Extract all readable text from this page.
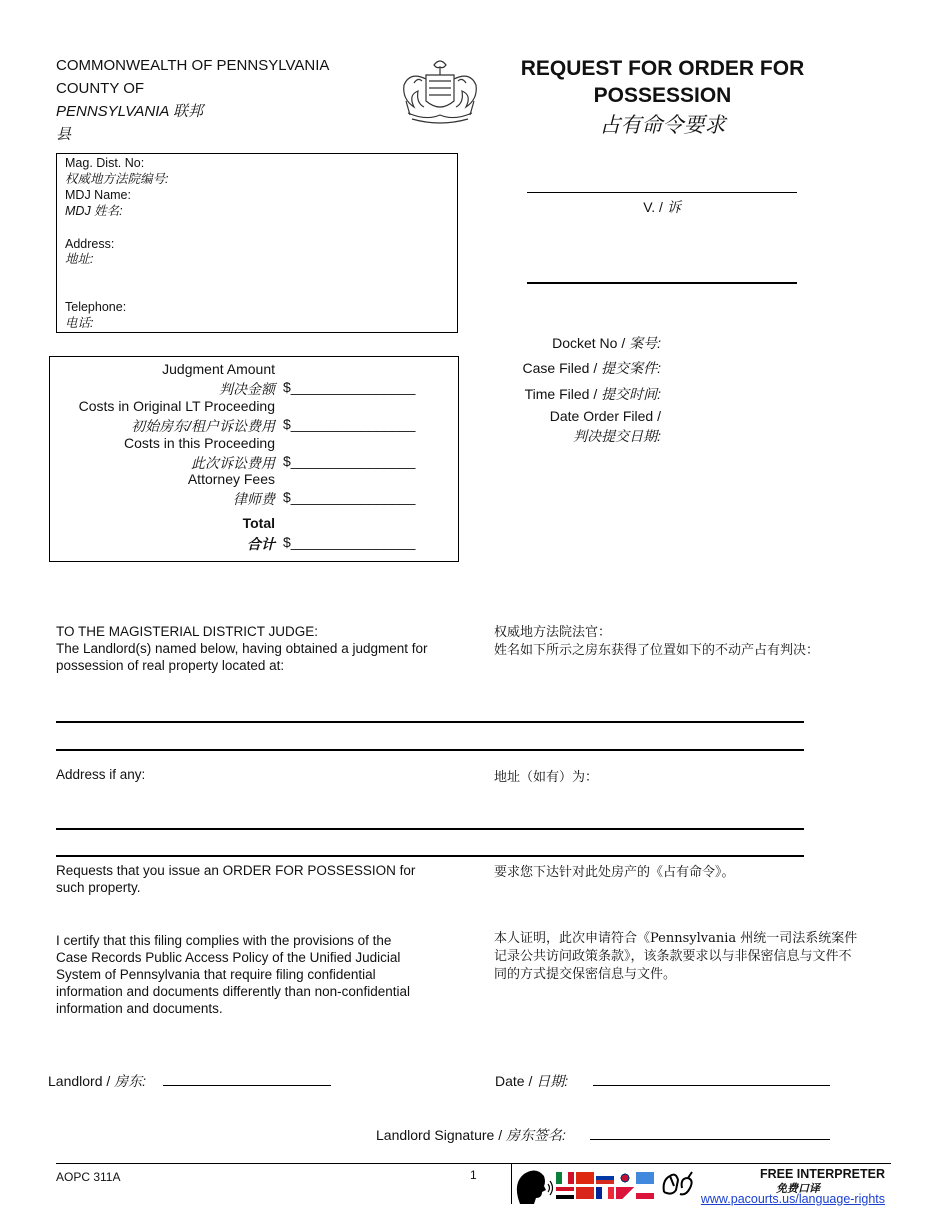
COMMONWEALTH OF PENNSYLVANIA
COUNTY OF
PENNSYLVANIA 联邦
县
REQUEST FOR ORDER FOR
POSSESSION
占有命令要求
Mag. Dist. No:
权威地方法院编号:
MDJ Name:
MDJ 姓名:
Address:
地址:
Telephone:
电话:
V. / 诉
Docket No / 案号:
Case Filed / 提交案件:
Time Filed / 提交时间:
Date Order Filed /
判决提交日期:
Judgment Amount
判决金额 $________________
Costs in Original LT Proceeding
初始房东/租户诉讼费用 $________________
Costs in this Proceeding
此次诉讼费用 $________________
Attorney Fees
律师费 $________________
Total
合计 $________________
TO THE MAGISTERIAL DISTRICT JUDGE:
The Landlord(s) named below, having obtained a judgment for possession of real property located at:
权威地方法院法官：
姓名如下所示之房东获得了位置如下的不动产占有判决：
Address if any:	地址（如有）为：
Requests that you issue an ORDER FOR POSSESSION for such property.
要求您下达针对此处房产的《占有命令》。
I certify that this filing complies with the provisions of the Case Records Public Access Policy of the Unified Judicial System of Pennsylvania that require filing confidential information and documents differently than non-confidential information and documents.
本人证明，此次申请符合《Pennsylvania 州统一司法系统案件记录公共访问政策条款》，该条款要求以与非保密信息与文件不同的方式提交保密信息与文件。
Landlord / 房东:	Date / 日期:
Landlord Signature / 房东签名:
AOPC 311A	1	FREE INTERPRETER
免费口译
www.pacourts.us/language-rights
